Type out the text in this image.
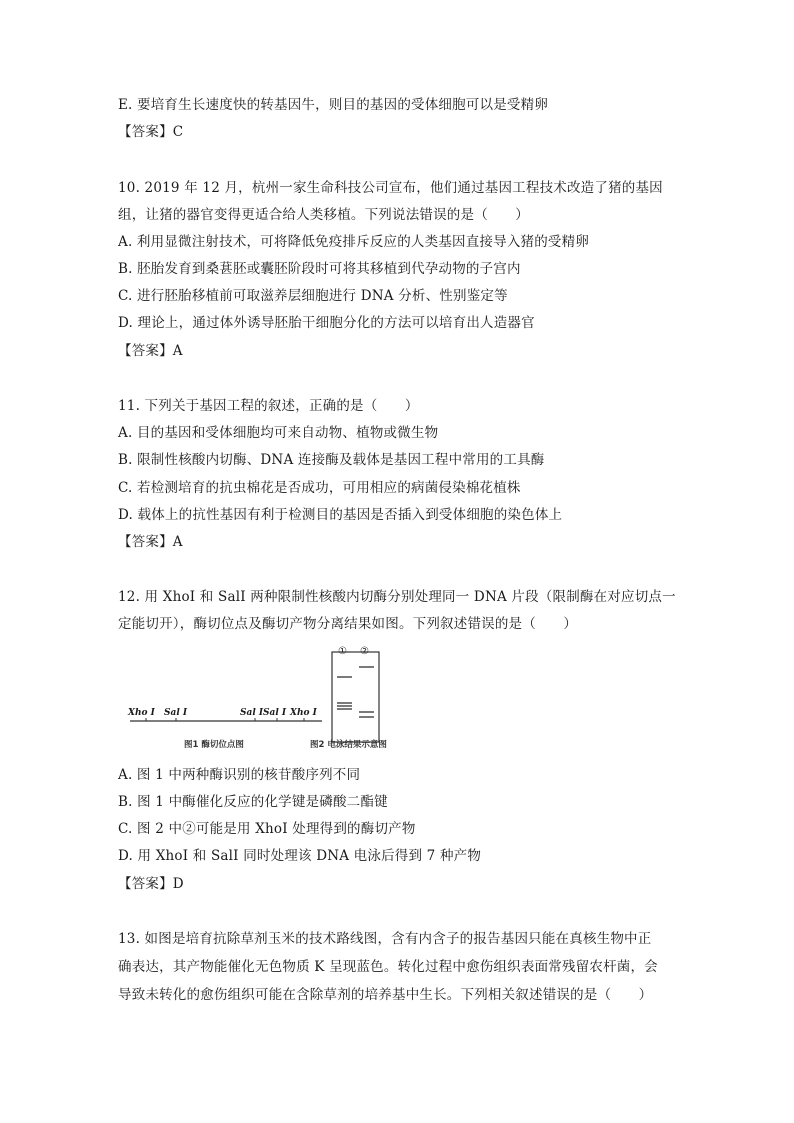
E. 要培育生长速度快的转基因牛，则目的基因的受体细胞可以是受精卵
【答案】C
10. 2019 年 12 月，杭州一家生命科技公司宣布，他们通过基因工程技术改造了猪的基因
组，让猪的器官变得更适合给人类移植。下列说法错误的是（　　）
A. 利用显微注射技术，可将降低免疫排斥反应的人类基因直接导入猪的受精卵
B. 胚胎发育到桑葚胚或囊胚阶段时可将其移植到代孕动物的子宫内
C. 进行胚胎移植前可取滋养层细胞进行 DNA 分析、性别鉴定等
D. 理论上，通过体外诱导胚胎干细胞分化的方法可以培育出人造器官
【答案】A
11. 下列关于基因工程的叙述，正确的是（　　）
A. 目的基因和受体细胞均可来自动物、植物或微生物
B. 限制性核酸内切酶、DNA 连接酶及载体是基因工程中常用的工具酶
C. 若检测培育的抗虫棉花是否成功，可用相应的病菌侵染棉花植株
D. 载体上的抗性基因有利于检测目的基因是否插入到受体细胞的染色体上
【答案】A
12. 用 XhoI 和 SalI 两种限制性核酸内切酶分别处理同一 DNA 片段（限制酶在对应切点一
定能切开），酶切位点及酶切产物分离结果如图。下列叙述错误的是（　　）
Xho I Sal I	Sal I Sal I Xho I
① ②
图1 酶切位点图	图2 电泳结果示意图
A. 图 1 中两种酶识别的核苷酸序列不同
B. 图 1 中酶催化反应的化学键是磷酸二酯键
C. 图 2 中②可能是用 XhoI 处理得到的酶切产物
D. 用 XhoI 和 SalI 同时处理该 DNA 电泳后得到 7 种产物
【答案】D
13. 如图是培育抗除草剂玉米的技术路线图，含有内含子的报告基因只能在真核生物中正
确表达，其产物能催化无色物质 K 呈现蓝色。转化过程中愈伤组织表面常残留农杆菌，会
导致未转化的愈伤组织可能在含除草剂的培养基中生长。下列相关叙述错误的是（　　）
